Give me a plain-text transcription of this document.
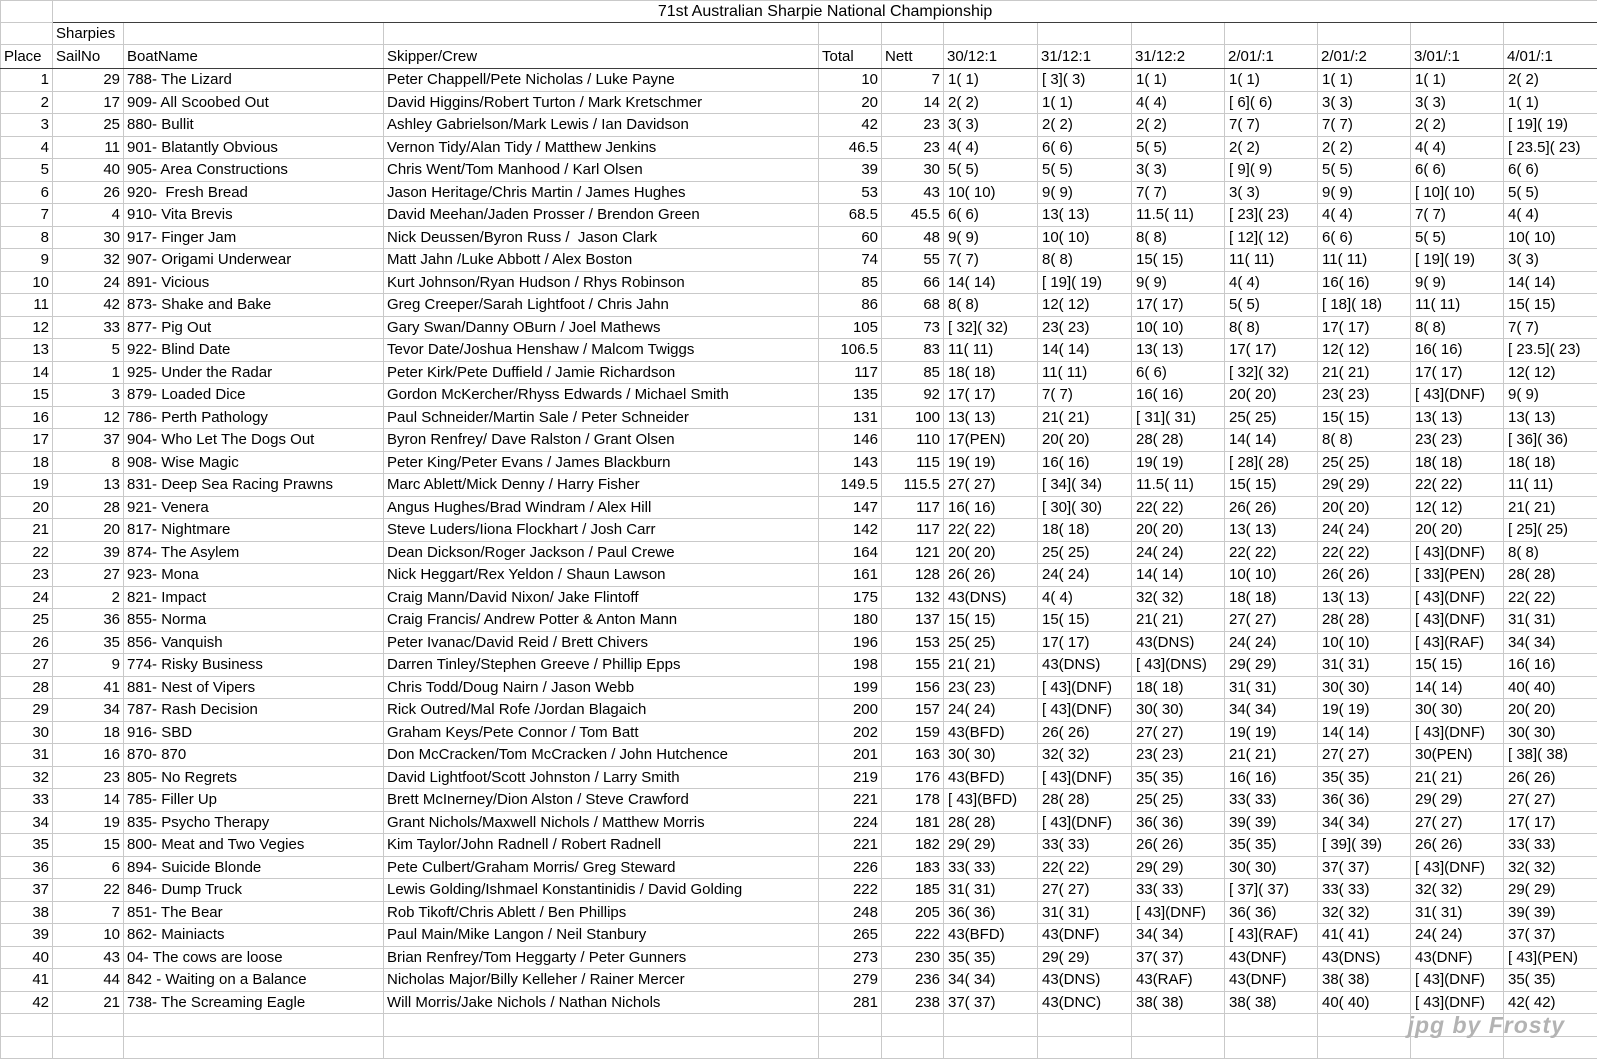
	71st Australian Sharpie National Championship											
	Sharpies											
Place	SailNo	BoatName	Skipper/Crew	Total	Nett	30/12:1	31/12:1	31/12:2	2/01/:1	2/01/:2	3/01/:1	4/01/:1
1	29	788- The Lizard	Peter Chappell/Pete Nicholas / Luke Payne	10	7	1( 1)	[ 3]( 3)	1( 1)	1( 1)	1( 1)	1( 1)	2( 2)
2	17	909- All Scoobed Out	David Higgins/Robert Turton / Mark Kretschmer	20	14	2( 2)	1( 1)	4( 4)	[ 6]( 6)	3( 3)	3( 3)	1( 1)
3	25	880- Bullit	Ashley Gabrielson/Mark Lewis / Ian Davidson	42	23	3( 3)	2( 2)	2( 2)	7( 7)	7( 7)	2( 2)	[ 19]( 19)
4	11	901- Blatantly Obvious	Vernon Tidy/Alan Tidy / Matthew Jenkins	46.5	23	4( 4)	6( 6)	5( 5)	2( 2)	2( 2)	4( 4)	[ 23.5]( 23)
5	40	905- Area Constructions	Chris Went/Tom Manhood / Karl Olsen	39	30	5( 5)	5( 5)	3( 3)	[ 9]( 9)	5( 5)	6( 6)	6( 6)
6	26	920-  Fresh Bread	Jason Heritage/Chris Martin / James Hughes	53	43	10( 10)	9( 9)	7( 7)	3( 3)	9( 9)	[ 10]( 10)	5( 5)
7	4	910- Vita Brevis	David Meehan/Jaden Prosser / Brendon Green	68.5	45.5	6( 6)	13( 13)	11.5( 11)	[ 23]( 23)	4( 4)	7( 7)	4( 4)
8	30	917- Finger Jam	Nick Deussen/Byron Russ /  Jason Clark	60	48	9( 9)	10( 10)	8( 8)	[ 12]( 12)	6( 6)	5( 5)	10( 10)
9	32	907- Origami Underwear	Matt Jahn /Luke Abbott / Alex Boston	74	55	7( 7)	8( 8)	15( 15)	11( 11)	11( 11)	[ 19]( 19)	3( 3)
10	24	891- Vicious	Kurt Johnson/Ryan Hudson / Rhys Robinson	85	66	14( 14)	[ 19]( 19)	9( 9)	4( 4)	16( 16)	9( 9)	14( 14)
11	42	873- Shake and Bake	Greg Creeper/Sarah Lightfoot / Chris Jahn	86	68	8( 8)	12( 12)	17( 17)	5( 5)	[ 18]( 18)	11( 11)	15( 15)
12	33	877- Pig Out	Gary Swan/Danny OBurn / Joel Mathews	105	73	[ 32]( 32)	23( 23)	10( 10)	8( 8)	17( 17)	8( 8)	7( 7)
13	5	922- Blind Date	Tevor Date/Joshua Henshaw / Malcom Twiggs	106.5	83	11( 11)	14( 14)	13( 13)	17( 17)	12( 12)	16( 16)	[ 23.5]( 23)
14	1	925- Under the Radar	Peter Kirk/Pete Duffield / Jamie Richardson	117	85	18( 18)	11( 11)	6( 6)	[ 32]( 32)	21( 21)	17( 17)	12( 12)
15	3	879- Loaded Dice	Gordon McKercher/Rhyss Edwards / Michael Smith	135	92	17( 17)	7( 7)	16( 16)	20( 20)	23( 23)	[ 43](DNF)	9( 9)
16	12	786- Perth Pathology	Paul Schneider/Martin Sale / Peter Schneider	131	100	13( 13)	21( 21)	[ 31]( 31)	25( 25)	15( 15)	13( 13)	13( 13)
17	37	904- Who Let The Dogs Out	Byron Renfrey/ Dave Ralston / Grant Olsen	146	110	17(PEN)	20( 20)	28( 28)	14( 14)	8( 8)	23( 23)	[ 36]( 36)
18	8	908- Wise Magic	Peter King/Peter Evans / James Blackburn	143	115	19( 19)	16( 16)	19( 19)	[ 28]( 28)	25( 25)	18( 18)	18( 18)
19	13	831- Deep Sea Racing Prawns	Marc Ablett/Mick Denny / Harry Fisher	149.5	115.5	27( 27)	[ 34]( 34)	11.5( 11)	15( 15)	29( 29)	22( 22)	11( 11)
20	28	921- Venera	Angus Hughes/Brad Windram / Alex Hill	147	117	16( 16)	[ 30]( 30)	22( 22)	26( 26)	20( 20)	12( 12)	21( 21)
21	20	817- Nightmare	Steve Luders/Iiona Flockhart / Josh Carr	142	117	22( 22)	18( 18)	20( 20)	13( 13)	24( 24)	20( 20)	[ 25]( 25)
22	39	874- The Asylem	Dean Dickson/Roger Jackson / Paul Crewe	164	121	20( 20)	25( 25)	24( 24)	22( 22)	22( 22)	[ 43](DNF)	8( 8)
23	27	923- Mona	Nick Heggart/Rex Yeldon / Shaun Lawson	161	128	26( 26)	24( 24)	14( 14)	10( 10)	26( 26)	[ 33](PEN)	28( 28)
24	2	821- Impact	Craig Mann/David Nixon/ Jake Flintoff	175	132	43(DNS)	4( 4)	32( 32)	18( 18)	13( 13)	[ 43](DNF)	22( 22)
25	36	855- Norma	Craig Francis/ Andrew Potter & Anton Mann	180	137	15( 15)	15( 15)	21( 21)	27( 27)	28( 28)	[ 43](DNF)	31( 31)
26	35	856- Vanquish	Peter Ivanac/David Reid / Brett Chivers	196	153	25( 25)	17( 17)	43(DNS)	24( 24)	10( 10)	[ 43](RAF)	34( 34)
27	9	774- Risky Business	Darren Tinley/Stephen Greeve / Phillip Epps	198	155	21( 21)	43(DNS)	[ 43](DNS)	29( 29)	31( 31)	15( 15)	16( 16)
28	41	881- Nest of Vipers	Chris Todd/Doug Nairn / Jason Webb	199	156	23( 23)	[ 43](DNF)	18( 18)	31( 31)	30( 30)	14( 14)	40( 40)
29	34	787- Rash Decision	Rick Outred/Mal Rofe /Jordan Blagaich	200	157	24( 24)	[ 43](DNF)	30( 30)	34( 34)	19( 19)	30( 30)	20( 20)
30	18	916- SBD	Graham Keys/Pete Connor / Tom Batt	202	159	43(BFD)	26( 26)	27( 27)	19( 19)	14( 14)	[ 43](DNF)	30( 30)
31	16	870- 870	Don McCracken/Tom McCracken / John Hutchence	201	163	30( 30)	32( 32)	23( 23)	21( 21)	27( 27)	30(PEN)	[ 38]( 38)
32	23	805- No Regrets	David Lightfoot/Scott Johnston / Larry Smith	219	176	43(BFD)	[ 43](DNF)	35( 35)	16( 16)	35( 35)	21( 21)	26( 26)
33	14	785- Filler Up	Brett McInerney/Dion Alston / Steve Crawford	221	178	[ 43](BFD)	28( 28)	25( 25)	33( 33)	36( 36)	29( 29)	27( 27)
34	19	835- Psycho Therapy	Grant Nichols/Maxwell Nichols / Matthew Morris	224	181	28( 28)	[ 43](DNF)	36( 36)	39( 39)	34( 34)	27( 27)	17( 17)
35	15	800- Meat and Two Vegies	Kim Taylor/John Radnell / Robert Radnell	221	182	29( 29)	33( 33)	26( 26)	35( 35)	[ 39]( 39)	26( 26)	33( 33)
36	6	894- Suicide Blonde	Pete Culbert/Graham Morris/ Greg Steward	226	183	33( 33)	22( 22)	29( 29)	30( 30)	37( 37)	[ 43](DNF)	32( 32)
37	22	846- Dump Truck	Lewis Golding/Ishmael Konstantinidis / David Golding	222	185	31( 31)	27( 27)	33( 33)	[ 37]( 37)	33( 33)	32( 32)	29( 29)
38	7	851- The Bear	Rob Tikoft/Chris Ablett / Ben Phillips	248	205	36( 36)	31( 31)	[ 43](DNF)	36( 36)	32( 32)	31( 31)	39( 39)
39	10	862- Mainiacts	Paul Main/Mike Langon / Neil Stanbury	265	222	43(BFD)	43(DNF)	34( 34)	[ 43](RAF)	41( 41)	24( 24)	37( 37)
40	43	04- The cows are loose	Brian Renfrey/Tom Heggarty / Peter Gunners	273	230	35( 35)	29( 29)	37( 37)	43(DNF)	43(DNS)	43(DNF)	[ 43](PEN)
41	44	842 - Waiting on a Balance	Nicholas Major/Billy Kelleher / Rainer Mercer	279	236	34( 34)	43(DNS)	43(RAF)	43(DNF)	38( 38)	[ 43](DNF)	35( 35)
42	21	738- The Screaming Eagle	Will Morris/Jake Nichols / Nathan Nichols	281	238	37( 37)	43(DNC)	38( 38)	38( 38)	40( 40)	[ 43](DNF)	42( 42)

jpg by Frosty
